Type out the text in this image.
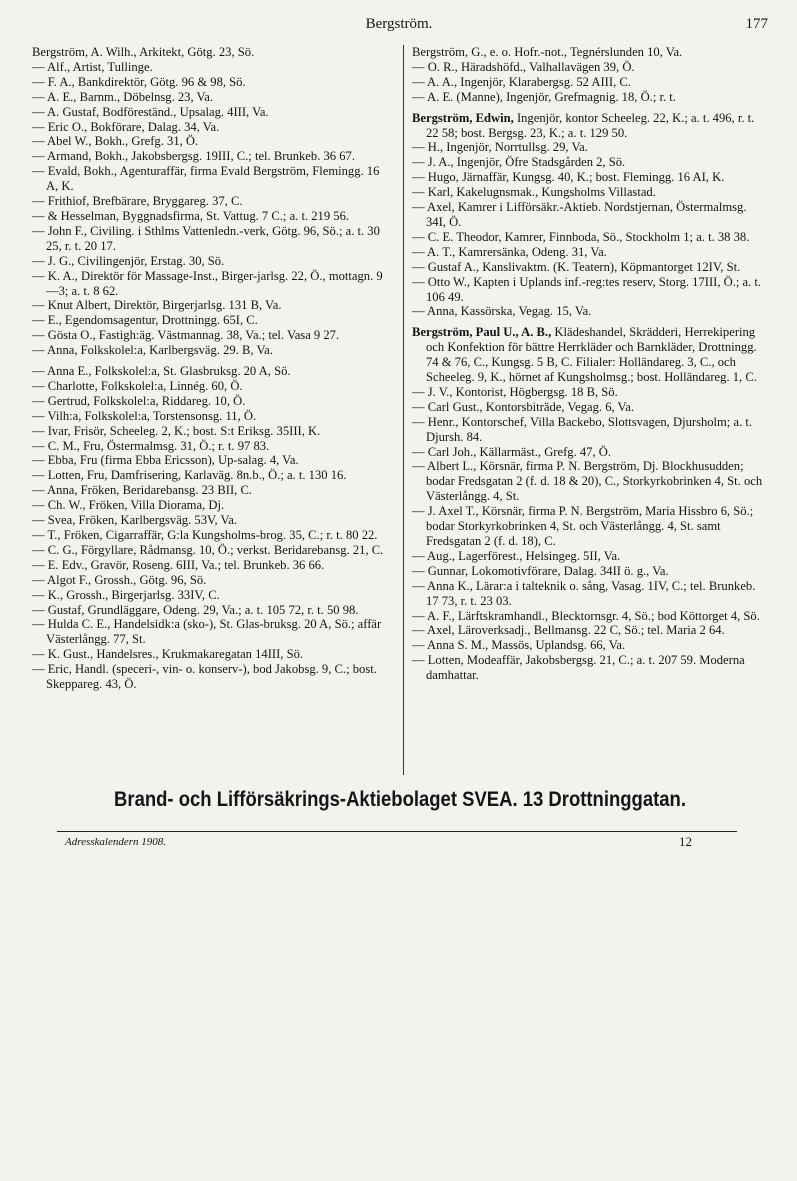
Bergström.	177

Bergström, A. Wilh., Arkitekt, Götg. 23, Sö.

— Alf., Artist, Tullinge.

— F. A., Bankdirektör, Götg. 96 & 98, Sö.

— A. E., Barnm., Döbelnsg. 23, Va.

— A. Gustaf, Bodföreständ., Upsalag. 4III, Va.

— Eric O., Bokförare, Dalag. 34, Va.

— Abel W., Bokh., Grefg. 31, Ö.

— Armand, Bokh., Jakobsbergsg. 19III, C.; tel. Brunkeb. 36 67.

— Evald, Bokh., Agenturaffär, firma Evald Bergström, Flemingg. 16 A, K.

— Frithiof, Brefbärare, Bryggareg. 37, C.

— & Hesselman, Byggnadsfirma, St. Vattug. 7 C.; a. t. 219 56.

— John F., Civiling. i Sthlms Vattenledn.-verk, Götg. 96, Sö.; a. t. 30 25, r. t. 20 17.

— J. G., Civilingenjör, Erstag. 30, Sö.

— K. A., Direktör för Massage-Inst., Birger-jarlsg. 22, Ö., mottagn. 9—3; a. t. 8 62.

— Knut Albert, Direktör, Birgerjarlsg. 131 B, Va.

— E., Egendomsagentur, Drottningg. 65I, C.

— Gösta O., Fastigh:äg. Västmannag. 38, Va.; tel. Vasa 9 27.

— Anna, Folkskolel:a, Karlbergsväg. 29. B, Va.

— Anna E., Folkskolel:a, St. Glasbruksg. 20 A, Sö.

— Charlotte, Folkskolel:a, Linnég. 60, Ö.

— Gertrud, Folkskolel:a, Riddareg. 10, Ö.

— Vilh:a, Folkskolel:a, Torstensonsg. 11, Ö.

— Ivar, Frisör, Scheeleg. 2, K.; bost. S:t Eriksg. 35III, K.

— C. M., Fru, Östermalmsg. 31, Ö.; r. t. 97 83.

— Ebba, Fru (firma Ebba Ericsson), Up-salag. 4, Va.

— Lotten, Fru, Damfrisering, Karlaväg. 8n.b., Ö.; a. t. 130 16.

— Anna, Fröken, Beridarebansg. 23 BII, C.

— Ch. W., Fröken, Villa Diorama, Dj.

— Svea, Fröken, Karlbergsväg. 53V, Va.

— T., Fröken, Cigarraffär, G:la Kungsholms-brog. 35, C.; r. t. 80 22.

— C. G., Förgyllare, Rådmansg. 10, Ö.; verkst. Beridarebansg. 21, C.

— E. Edv., Gravör, Roseng. 6III, Va.; tel. Brunkeb. 36 66.

— Algot F., Grossh., Götg. 96, Sö.

— K., Grossh., Birgerjarlsg. 33IV, C.

— Gustaf, Grundläggare, Odeng. 29, Va.; a. t. 105 72, r. t. 50 98.

— Hulda C. E., Handelsidk:a (sko-), St. Glas-bruksg. 20 A, Sö.; affär Västerlångg. 77, St.

— K. Gust., Handelsres., Krukmakaregatan 14III, Sö.

— Eric, Handl. (speceri-, vin- o. konserv-), bod Jakobsg. 9, C.; bost. Skeppareg. 43, Ö.

Bergström, G., e. o. Hofr.-not., Tegnérslunden 10, Va.

— O. R., Häradshöfd., Valhallavägen 39, Ö.

— A. A., Ingenjör, Klarabergsg. 52 AIII, C.

— A. E. (Manne), Ingenjör, Grefmagnig. 18, Ö.; r. t.

Bergström, Edwin, Ingenjör, kontor Scheeleg. 22, K.; a. t. 496, r. t. 22 58; bost. Bergsg. 23, K.; a. t. 129 50.

— H., Ingenjör, Norrtullsg. 29, Va.

— J. A., Ingenjör, Öfre Stadsgården 2, Sö.

— Hugo, Järnaffär, Kungsg. 40, K.; bost. Flemingg. 16 AI, K.

— Karl, Kakelugnsmak., Kungsholms Villastad.

— Axel, Kamrer i Lifförsäkr.-Aktieb. Nordstjernan, Östermalmsg. 34I, Ö.

— C. E. Theodor, Kamrer, Finnboda, Sö., Stockholm 1; a. t. 38 38.

— A. T., Kamrersänka, Odeng. 31, Va.

— Gustaf A., Kanslivaktm. (K. Teatern), Köpmantorget 12IV, St.

— Otto W., Kapten i Uplands inf.-reg:tes reserv, Storg. 17III, Ö.; a. t. 106 49.

— Anna, Kassörska, Vegag. 15, Va.

Bergström, Paul U., A. B., Klädeshandel, Skrädderi, Herrekipering och Konfektion för bättre Herrkläder och Barnkläder, Drottningg. 74 & 76, C., Kungsg. 5 B, C. Filialer: Holländareg. 3, C., och Scheeleg. 9, K., hörnet af Kungsholmsg.; bost. Holländareg. 1, C.

— J. V., Kontorist, Högbergsg. 18 B, Sö.

— Carl Gust., Kontorsbiträde, Vegag. 6, Va.

— Henr., Kontorschef, Villa Backebo, Slottsvagen, Djursholm; a. t. Djursh. 84.

— Carl Joh., Källarmäst., Grefg. 47, Ö.

— Albert L., Körsnär, firma P. N. Bergström, Dj. Blockhusudden; bodar Fredsgatan 2 (f. d. 18 & 20), C., Storkyrkobrinken 4, St. och Västerlångg. 4, St.

— J. Axel T., Körsnär, firma P. N. Bergström, Maria Hissbro 6, Sö.; bodar Storkyrkobrinken 4, St. och Västerlångg. 4, St. samt Fredsgatan 2 (f. d. 18), C.

— Aug., Lagerförest., Helsingeg. 5II, Va.

— Gunnar, Lokomotivförare, Dalag. 34II ö. g., Va.

— Anna K., Lärar:a i talteknik o. sång, Vasag. 1IV, C.; tel. Brunkeb. 17 73, r. t. 23 03.

— A. F., Lärftskramhandl., Blecktornsgr. 4, Sö.; bod Köttorget 4, Sö.

— Axel, Läroverksadj., Bellmansg. 22 C, Sö.; tel. Maria 2 64.

— Anna S. M., Massös, Uplandsg. 66, Va.

— Lotten, Modeaffär, Jakobsbergsg. 21, C.; a. t. 207 59. Moderna damhattar.

Brand- och Lifförsäkrings-Aktiebolaget SVEA. 13 Drottninggatan.
Adresskalendern 1908.	12
